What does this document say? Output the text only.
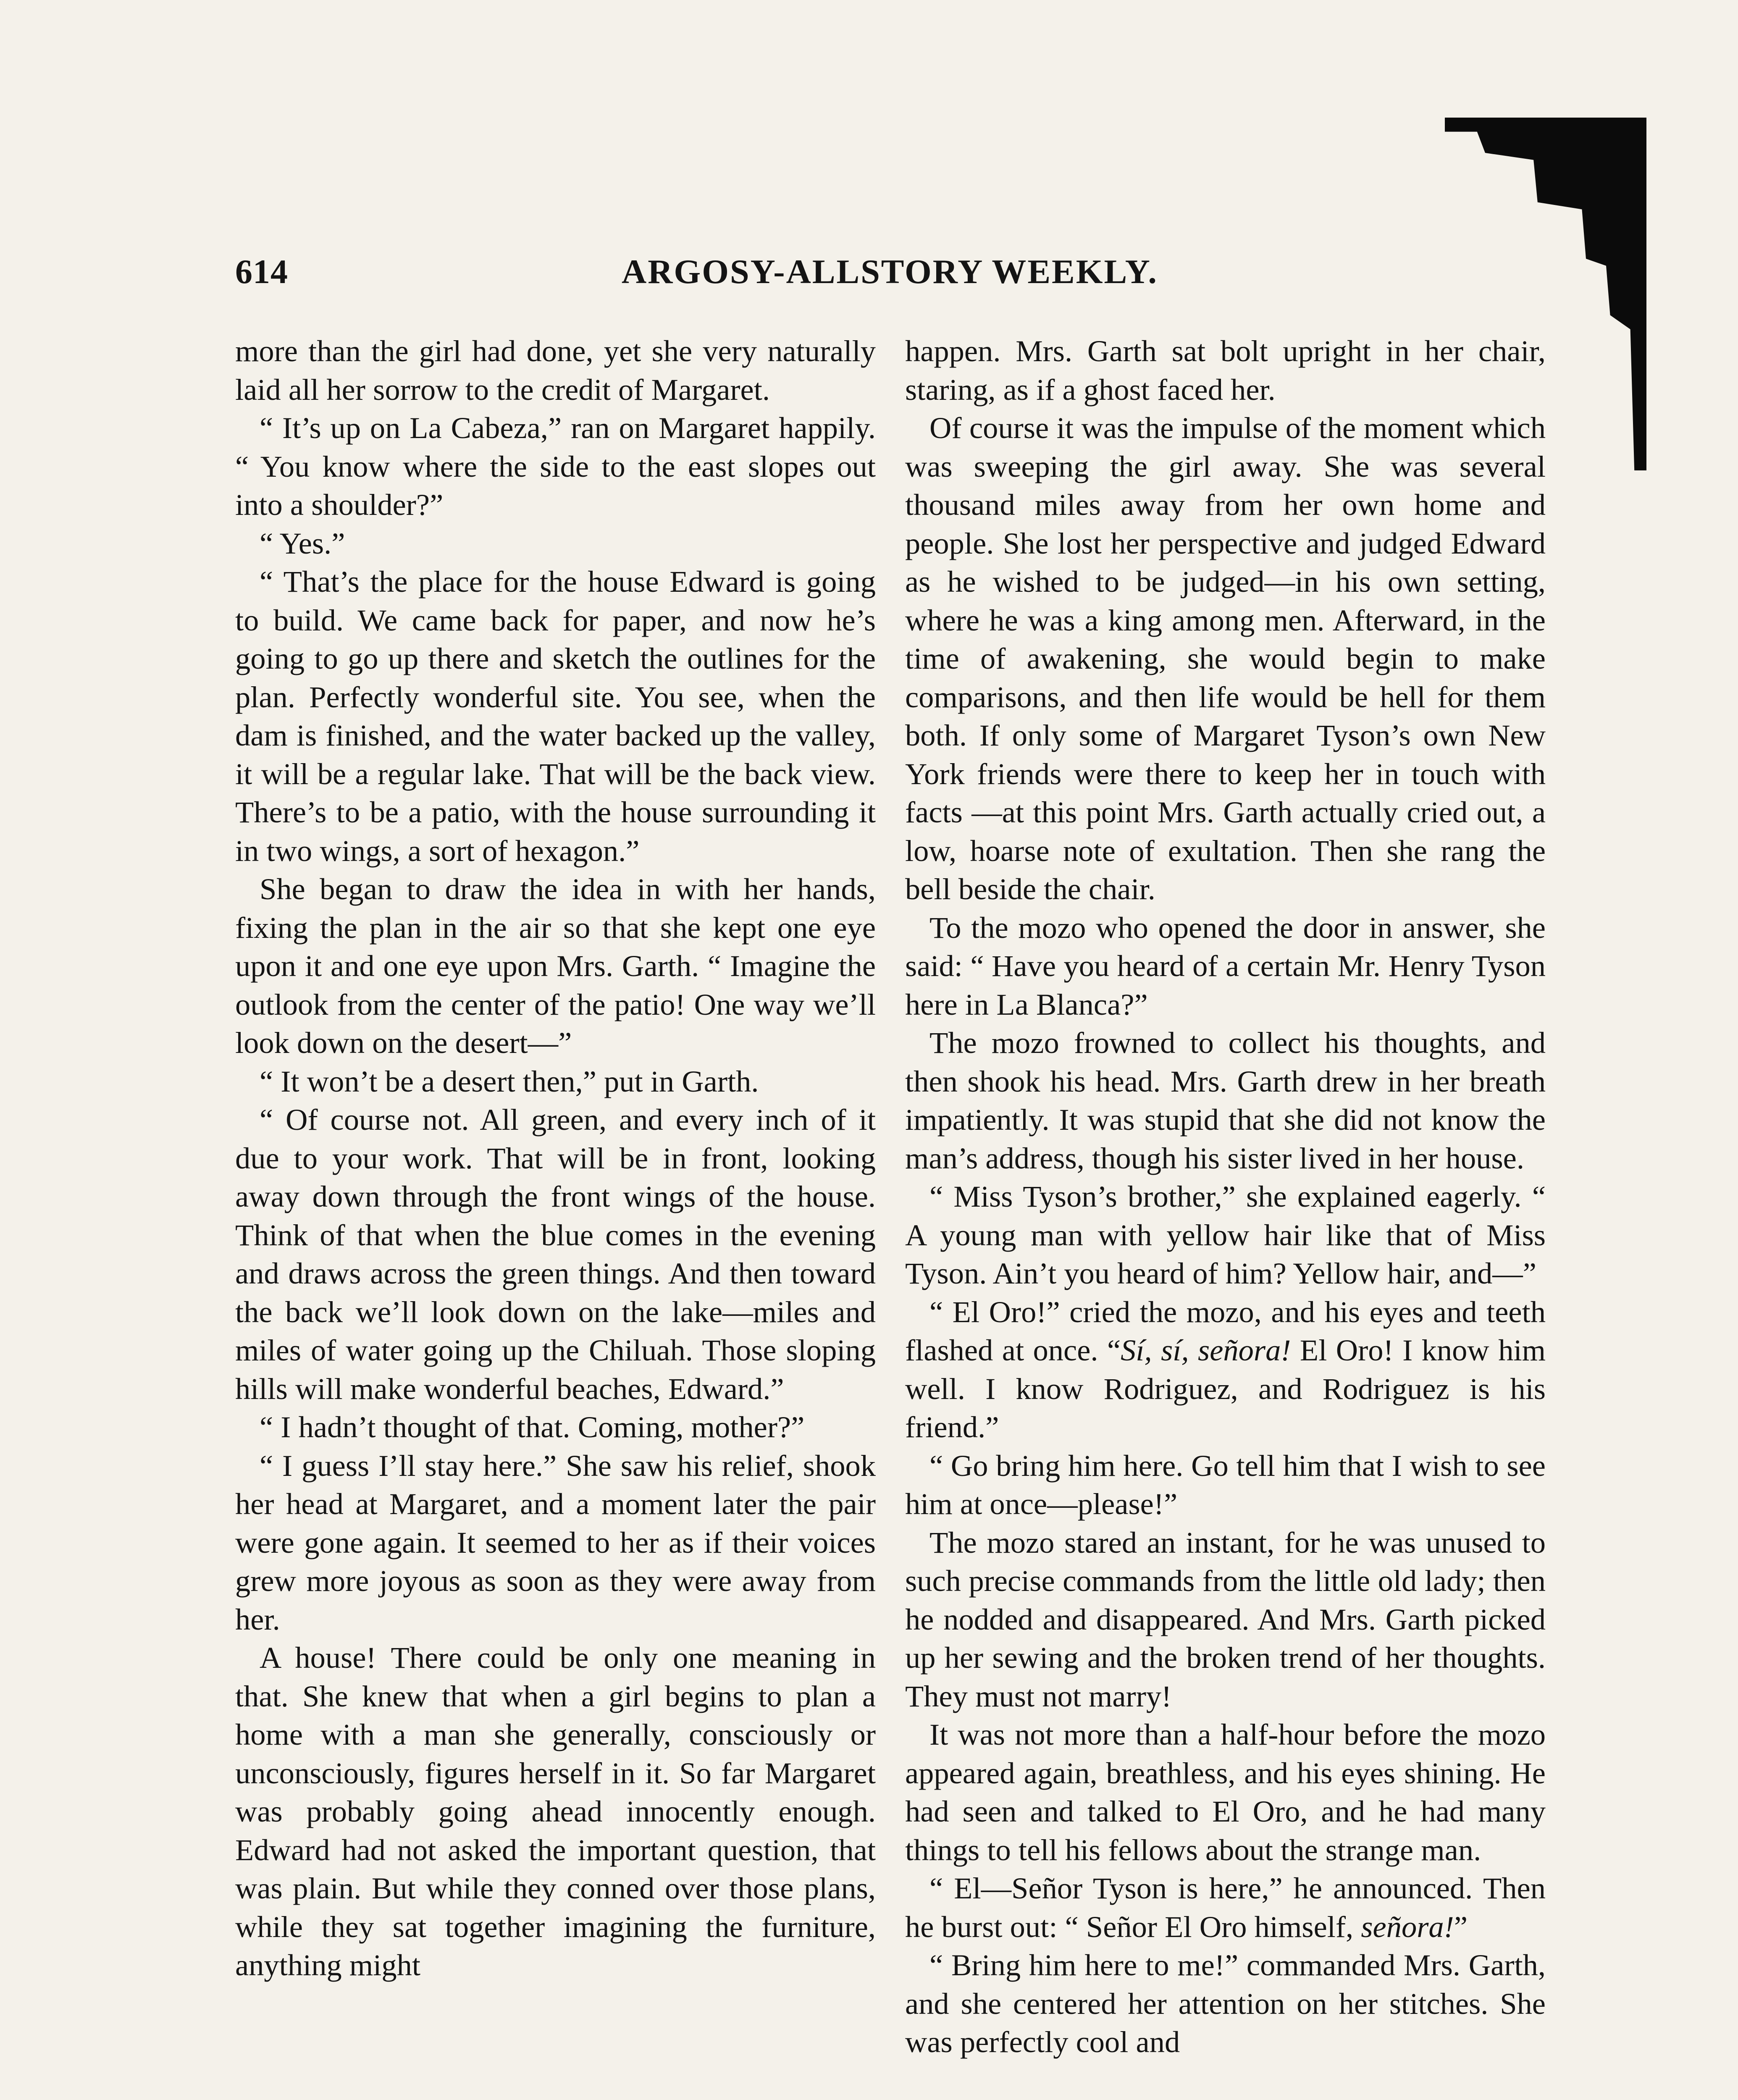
614	ARGOSY-ALLSTORY WEEKLY.

more than the girl had done, yet she very naturally laid all her sorrow to the credit of Margaret.

“ It’s up on La Cabeza,” ran on Margaret happily. “ You know where the side to the east slopes out into a shoulder?”

“ Yes.”

“ That’s the place for the house Edward is going to build. We came back for paper, and now he’s going to go up there and sketch the outlines for the plan. Perfectly wonderful site. You see, when the dam is finished, and the water backed up the valley, it will be a regular lake. That will be the back view. There’s to be a patio, with the house surrounding it in two wings, a sort of hexagon.”

She began to draw the idea in with her hands, fixing the plan in the air so that she kept one eye upon it and one eye upon Mrs. Garth. “ Imagine the outlook from the center of the patio! One way we’ll look down on the desert—”

“ It won’t be a desert then,” put in Garth.

“ Of course not. All green, and every inch of it due to your work. That will be in front, looking away down through the front wings of the house. Think of that when the blue comes in the evening and draws across the green things. And then toward the back we’ll look down on the lake—miles and miles of water going up the Chiluah. Those sloping hills will make wonderful beaches, Edward.”

“ I hadn’t thought of that. Coming, mother?”

“ I guess I’ll stay here.” She saw his relief, shook her head at Margaret, and a moment later the pair were gone again. It seemed to her as if their voices grew more joyous as soon as they were away from her.

A house! There could be only one meaning in that. She knew that when a girl begins to plan a home with a man she generally, consciously or unconsciously, figures herself in it. So far Margaret was probably going ahead innocently enough. Edward had not asked the important question, that was plain. But while they conned over those plans, while they sat together imagining the furniture, anything might

happen. Mrs. Garth sat bolt upright in her chair, staring, as if a ghost faced her.

Of course it was the impulse of the moment which was sweeping the girl away. She was several thousand miles away from her own home and people. She lost her perspective and judged Edward as he wished to be judged—in his own setting, where he was a king among men. Afterward, in the time of awakening, she would begin to make comparisons, and then life would be hell for them both. If only some of Margaret Tyson’s own New York friends were there to keep her in touch with facts —at this point Mrs. Garth actually cried out, a low, hoarse note of exultation. Then she rang the bell beside the chair.

To the mozo who opened the door in answer, she said: “ Have you heard of a certain Mr. Henry Tyson here in La Blanca?”

The mozo frowned to collect his thoughts, and then shook his head. Mrs. Garth drew in her breath impatiently. It was stupid that she did not know the man’s address, though his sister lived in her house.

“ Miss Tyson’s brother,” she explained eagerly. “ A young man with yellow hair like that of Miss Tyson. Ain’t you heard of him? Yellow hair, and—”

“ El Oro!” cried the mozo, and his eyes and teeth flashed at once. “Sí, sí, señora! El Oro! I know him well. I know Rodriguez, and Rodriguez is his friend.”

“ Go bring him here. Go tell him that I wish to see him at once—please!”

The mozo stared an instant, for he was unused to such precise commands from the little old lady; then he nodded and disappeared. And Mrs. Garth picked up her sewing and the broken trend of her thoughts. They must not marry!

It was not more than a half-hour before the mozo appeared again, breathless, and his eyes shining. He had seen and talked to El Oro, and he had many things to tell his fellows about the strange man.

“ El—Señor Tyson is here,” he announced. Then he burst out: “ Señor El Oro himself, señora!”

“ Bring him here to me!” commanded Mrs. Garth, and she centered her attention on her stitches. She was perfectly cool and
